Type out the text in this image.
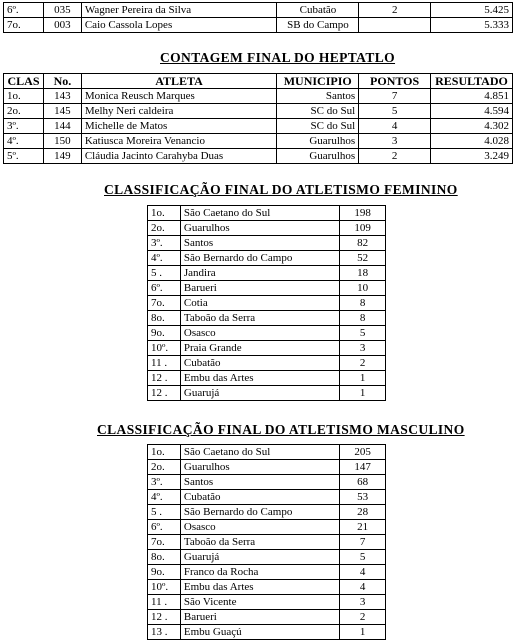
6º.	035	Wagner Pereira da Silva	Cubatão	2	5.425
7o.	003	Caio Cassola Lopes	SB do Campo		5.333
CONTAGEM FINAL DO HEPTATLO
CLAS	No.	ATLETA	MUNICIPIO	PONTOS	RESULTADO
1o.	143	Monica Reusch Marques	Santos	7	4.851
2o.	145	Melhy Neri caldeira	SC do Sul	5	4.594
3º.	144	Michelle de Matos	SC do Sul	4	4.302
4º.	150	Katiusca Moreira Venancio	Guarulhos	3	4.028
5º.	149	Cláudia Jacinto Carahyba Duas	Guarulhos	2	3.249
CLASSIFICAÇÃO FINAL DO ATLETISMO FEMININO
1o.	São Caetano do Sul	198
2o.	Guarulhos	109
3º.	Santos	82
4º.	São Bernardo do Campo	52
5 .	Jandira	18
6º.	Barueri	10
7o.	Cotia	8
8o.	Taboão da Serra	8
9o.	Osasco	5
10º.	Praia Grande	3
11 .	Cubatão	2
12 .	Embu das Artes	1
12 .	Guarujá	1
CLASSIFICAÇÃO FINAL DO ATLETISMO MASCULINO
1o.	São Caetano do Sul	205
2o.	Guarulhos	147
3º.	Santos	68
4º.	Cubatão	53
5 .	São Bernardo do Campo	28
6º.	Osasco	21
7o.	Taboão da Serra	7
8o.	Guarujá	5
9o.	Franco da Rocha	4
10º.	Embu das Artes	4
11 .	São Vicente	3
12 .	Barueri	2
13 .	Embu Guaçú	1
